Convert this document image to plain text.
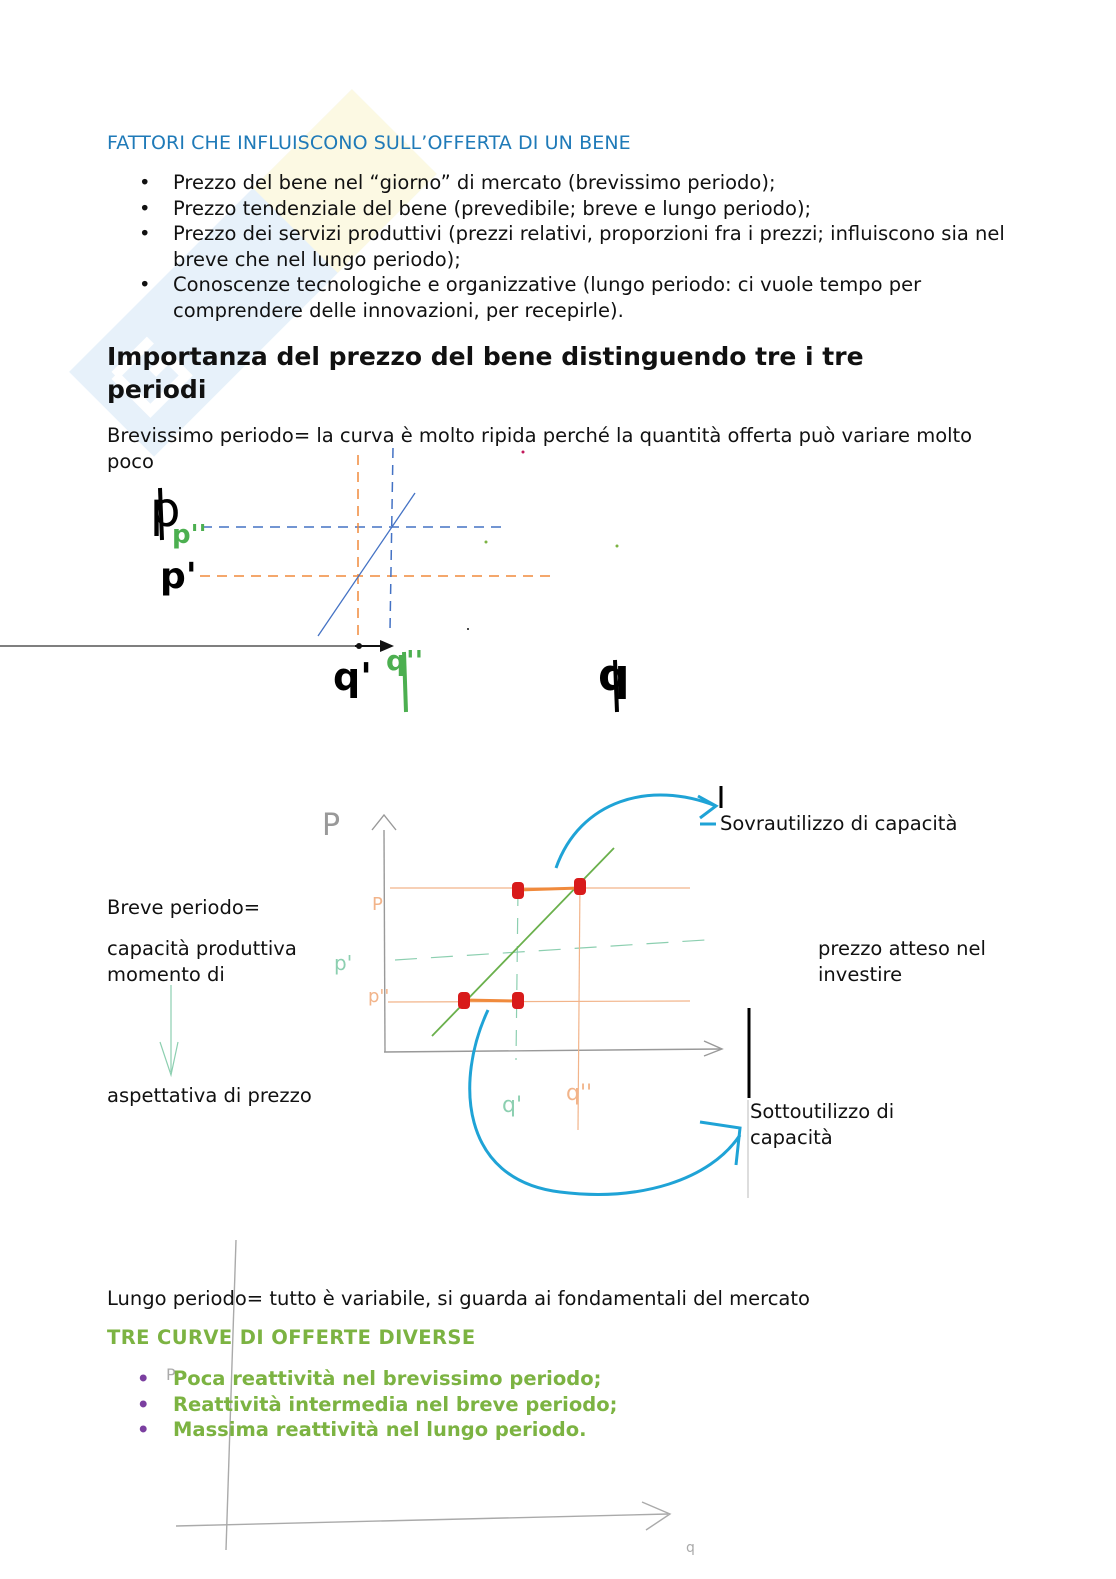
FATTORI CHE INFLUISCONO SULL’OFFERTA DI UN BENE
• Prezzo del bene nel “giorno” di mercato (brevissimo periodo);
• Prezzo tendenziale del bene (prevedibile; breve e lungo periodo);
• Prezzo dei servizi produttivi (prezzi relativi, proporzioni fra i prezzi; influiscono sia nel breve che nel lungo periodo);
• Conoscenze tecnologiche e organizzative (lungo periodo: ci vuole tempo per comprendere delle innovazioni, per recepirle).
Importanza del prezzo del bene distinguendo tre i tre periodi
Brevissimo periodo= la curva è molto ripida perché la quantità offerta può variare molto poco
p
p''
p'
q' q''	q
P
P
p'
p''
q' q''
P
q
Breve periodo=
capacità produttiva momento di
aspettativa di prezzo
prezzo atteso nel investire
Sovrautilizzo di capacità
Sottoutilizzo di capacità
Lungo periodo= tutto è variabile, si guarda ai fondamentali del mercato
TRE CURVE DI OFFERTE DIVERSE
• Poca reattività nel brevissimo periodo;
• Reattività intermedia nel breve periodo;
• Massima reattività nel lungo periodo.
